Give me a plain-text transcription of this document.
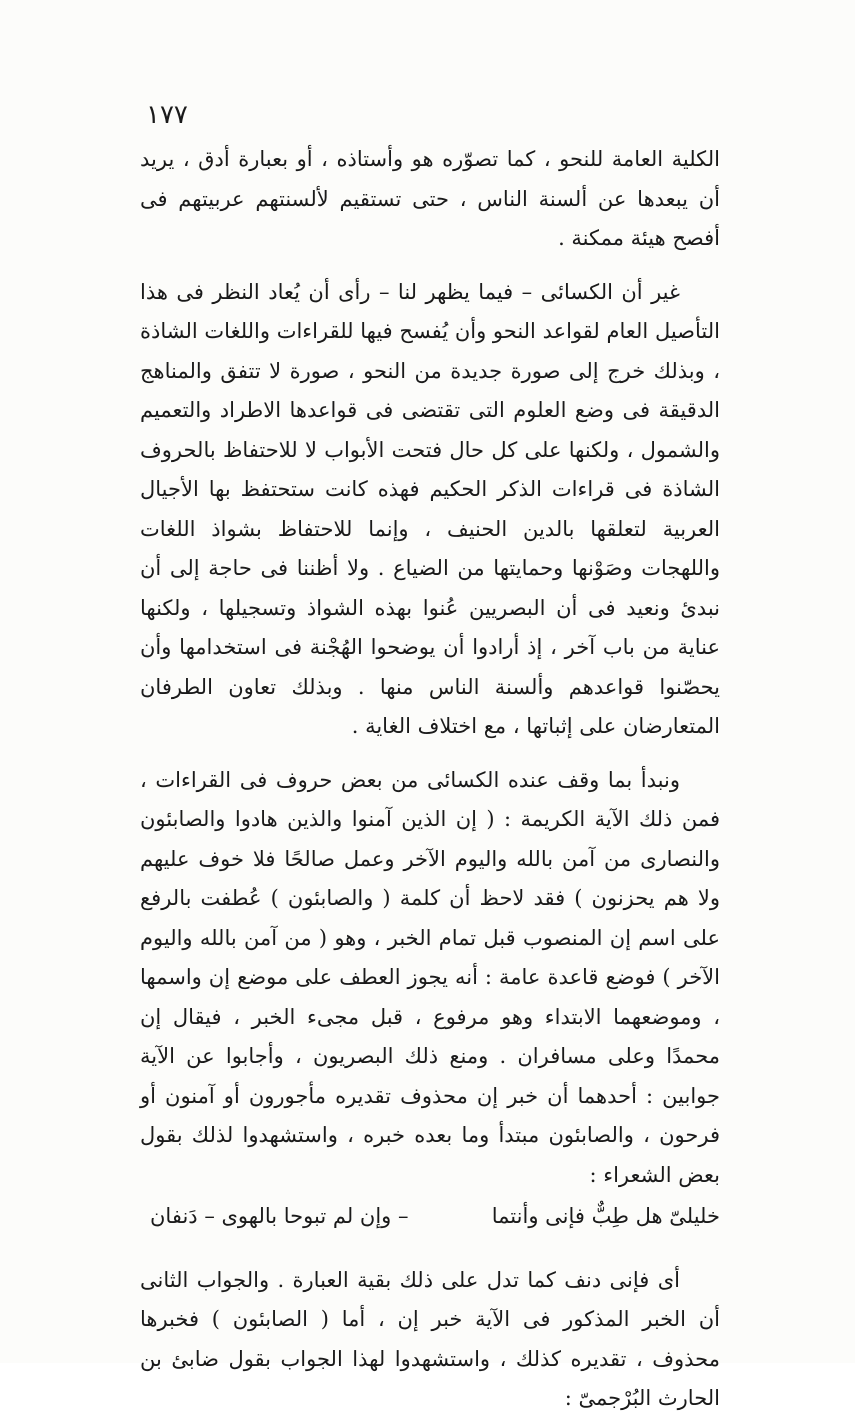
١٧٧

الكلية العامة للنحو ، كما تصوّره هو وأستاذه ، أو بعبارة أدق ، يريد أن يبعدها عن ألسنة الناس ، حتى تستقيم لألسنتهم عربيتهم فى أفصح هيئة ممكنة .

غير أن الكسائى – فيما يظهر لنا – رأى أن يُعاد النظر فى هذا التأصيل العام لقواعد النحو وأن يُفسح فيها للقراءات واللغات الشاذة ، وبذلك خرج إلى صورة جديدة من النحو ، صورة لا تتفق والمناهج الدقيقة فى وضع العلوم التى تقتضى فى قواعدها الاطراد والتعميم والشمول ، ولكنها على كل حال فتحت الأبواب لا للاحتفاظ بالحروف الشاذة فى قراءات الذكر الحكيم فهذه كانت ستحتفظ بها الأجيال العربية لتعلقها بالدين الحنيف ، وإنما للاحتفاظ بشواذ اللغات واللهجات وصَوْنها وحمايتها من الضياع . ولا أظننا فى حاجة إلى أن نبدئ ونعيد فى أن البصريين عُنوا بهذه الشواذ وتسجيلها ، ولكنها عناية من باب آخر ، إذ أرادوا أن يوضحوا الهُجْنة فى استخدامها وأن يحصّنوا قواعدهم وألسنة الناس منها . وبذلك تعاون الطرفان المتعارضان على إثباتها ، مع اختلاف الغاية .

ونبدأ بما وقف عنده الكسائى من بعض حروف فى القراءات ، فمن ذلك الآية الكريمة : ( إن الذين آمنوا والذين هادوا والصابئون والنصارى من آمن بالله واليوم الآخر وعمل صالحًا فلا خوف عليهم ولا هم يحزنون ) فقد لاحظ أن كلمة ( والصابئون ) عُطفت بالرفع على اسم إن المنصوب قبل تمام الخبر ، وهو ( من آمن بالله واليوم الآخر ) فوضع قاعدة عامة : أنه يجوز العطف على موضع إن واسمها ، وموضعهما الابتداء وهو مرفوع ، قبل مجىء الخبر ، فيقال إن محمدًا وعلى مسافران . ومنع ذلك البصريون ، وأجابوا عن الآية جوابين : أحدهما أن خبر إن محذوف تقديره مأجورون أو آمنون أو فرحون ، والصابئون مبتدأ وما بعده خبره ، واستشهدوا لذلك بقول بعض الشعراء :

خليلىّ هل طِبٌّ فإنى وأنتما
– وإن لم تبوحا بالهوى – دَنفان

أى فإنى دنف كما تدل على ذلك بقية العبارة . والجواب الثانى أن الخبر المذكور فى الآية خبر إن ، أما ( الصابئون ) فخبرها محذوف ، تقديره كذلك ، واستشهدوا لهذا الجواب بقول ضابئ بن الحارث البُرْجمىّ :
